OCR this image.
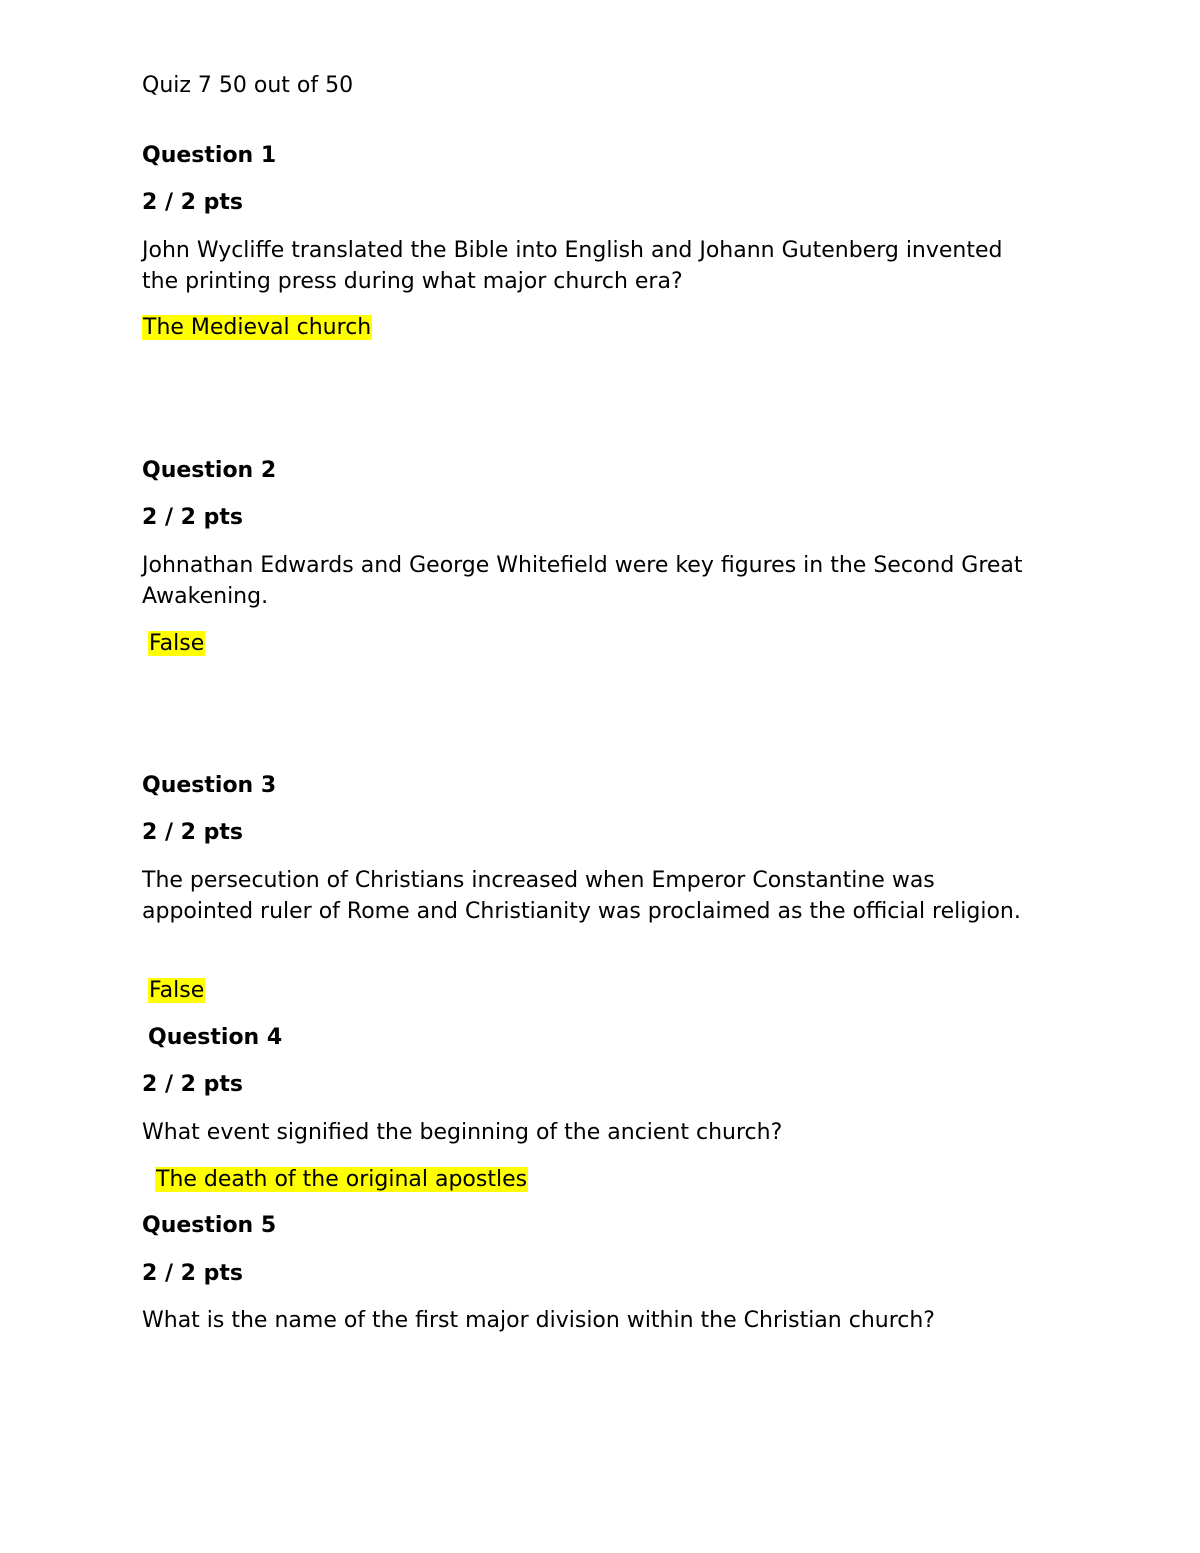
Quiz 7 50 out of 50
Question 1
2 / 2 pts
John Wycliffe translated the Bible into English and Johann Gutenberg invented the printing press during what major church era?
The Medieval church
Question 2
2 / 2 pts
Johnathan Edwards and George Whitefield were key figures in the Second Great Awakening.
False
Question 3
2 / 2 pts
The persecution of Christians increased when Emperor Constantine was appointed ruler of Rome and Christianity was proclaimed as the official religion.
False
Question 4
2 / 2 pts
What event signified the beginning of the ancient church?
The death of the original apostles
Question 5
2 / 2 pts
What is the name of the first major division within the Christian church?
